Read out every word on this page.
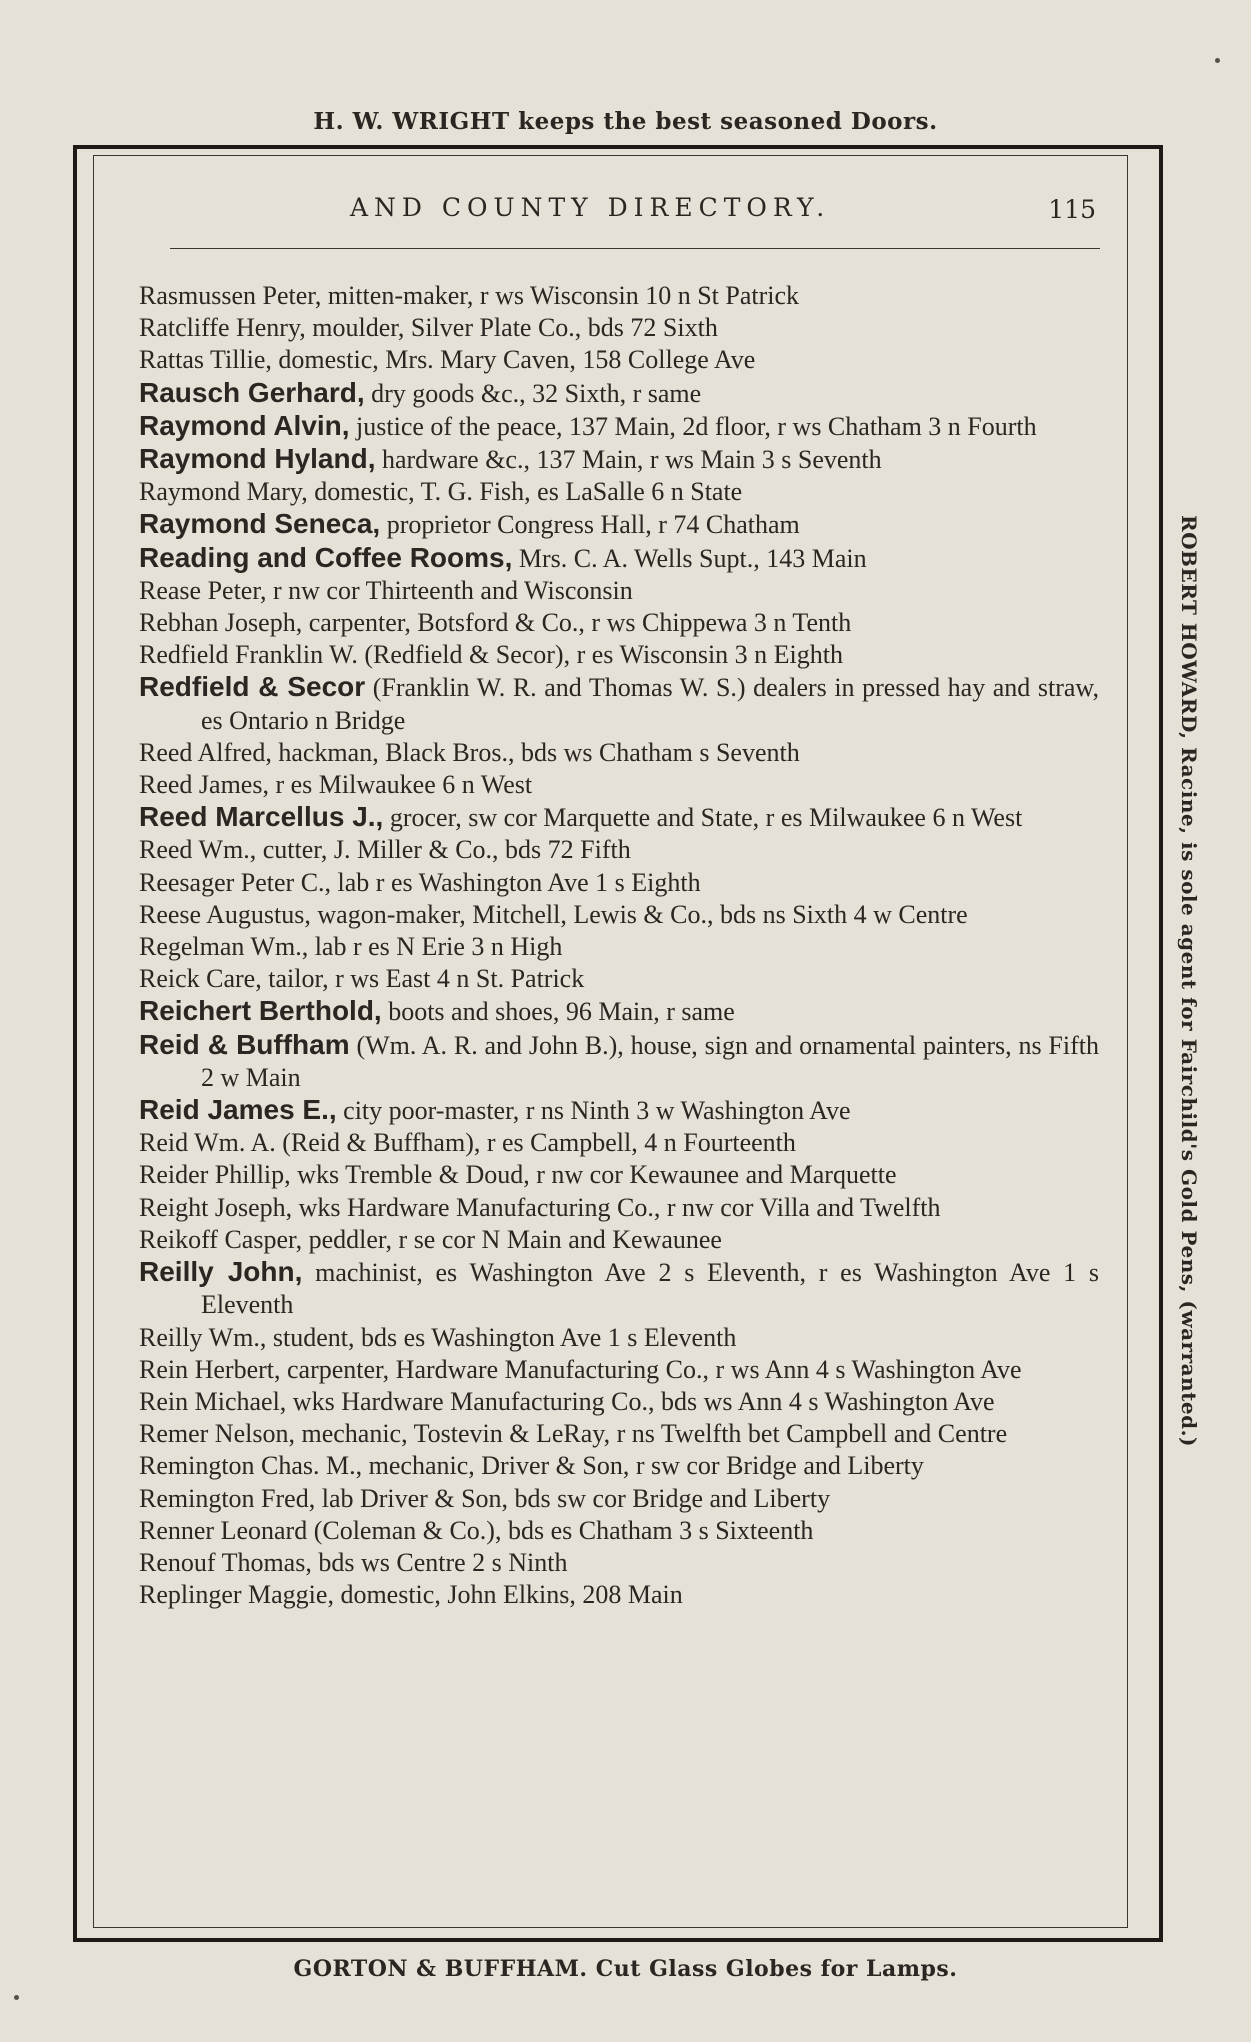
H. W. WRIGHT keeps the best seasoned Doors.
AND COUNTY DIRECTORY.	115
ROBERT HOWARD, Racine, is sole agent for Fairchild's Gold Pens, (warranted.)
Rasmussen Peter, mitten-maker, r ws Wisconsin 10 n St Patrick
Ratcliffe Henry, moulder, Silver Plate Co., bds 72 Sixth
Rattas Tillie, domestic, Mrs. Mary Caven, 158 College Ave
Rausch Gerhard, dry goods &c., 32 Sixth, r same
Raymond Alvin, justice of the peace, 137 Main, 2d floor, r ws Chatham 3 n Fourth
Raymond Hyland, hardware &c., 137 Main, r ws Main 3 s Seventh
Raymond Mary, domestic, T. G. Fish, es LaSalle 6 n State
Raymond Seneca, proprietor Congress Hall, r 74 Chatham
Reading and Coffee Rooms, Mrs. C. A. Wells Supt., 143 Main
Rease Peter, r nw cor Thirteenth and Wisconsin
Rebhan Joseph, carpenter, Botsford & Co., r ws Chippewa 3 n Tenth
Redfield Franklin W. (Redfield & Secor), r es Wisconsin 3 n Eighth
Redfield & Secor (Franklin W. R. and Thomas W. S.) dealers in pressed hay and straw, es Ontario n Bridge
Reed Alfred, hackman, Black Bros., bds ws Chatham s Seventh
Reed James, r es Milwaukee 6 n West
Reed Marcellus J., grocer, sw cor Marquette and State, r es Milwaukee 6 n West
Reed Wm., cutter, J. Miller & Co., bds 72 Fifth
Reesager Peter C., lab r es Washington Ave 1 s Eighth
Reese Augustus, wagon-maker, Mitchell, Lewis & Co., bds ns Sixth 4 w Centre
Regelman Wm., lab r es N Erie 3 n High
Reick Care, tailor, r ws East 4 n St. Patrick
Reichert Berthold, boots and shoes, 96 Main, r same
Reid & Buffham (Wm. A. R. and John B.), house, sign and ornamental painters, ns Fifth 2 w Main
Reid James E., city poor-master, r ns Ninth 3 w Washington Ave
Reid Wm. A. (Reid & Buffham), r es Campbell, 4 n Fourteenth
Reider Phillip, wks Tremble & Doud, r nw cor Kewaunee and Marquette
Reight Joseph, wks Hardware Manufacturing Co., r nw cor Villa and Twelfth
Reikoff Casper, peddler, r se cor N Main and Kewaunee
Reilly John, machinist, es Washington Ave 2 s Eleventh, r es Washington Ave 1 s Eleventh
Reilly Wm., student, bds es Washington Ave 1 s Eleventh
Rein Herbert, carpenter, Hardware Manufacturing Co., r ws Ann 4 s Washington Ave
Rein Michael, wks Hardware Manufacturing Co., bds ws Ann 4 s Washington Ave
Remer Nelson, mechanic, Tostevin & LeRay, r ns Twelfth bet Campbell and Centre
Remington Chas. M., mechanic, Driver & Son, r sw cor Bridge and Liberty
Remington Fred, lab Driver & Son, bds sw cor Bridge and Liberty
Renner Leonard (Coleman & Co.), bds es Chatham 3 s Sixteenth
Renouf Thomas, bds ws Centre 2 s Ninth
Replinger Maggie, domestic, John Elkins, 208 Main
GORTON & BUFFHAM. Cut Glass Globes for Lamps.
